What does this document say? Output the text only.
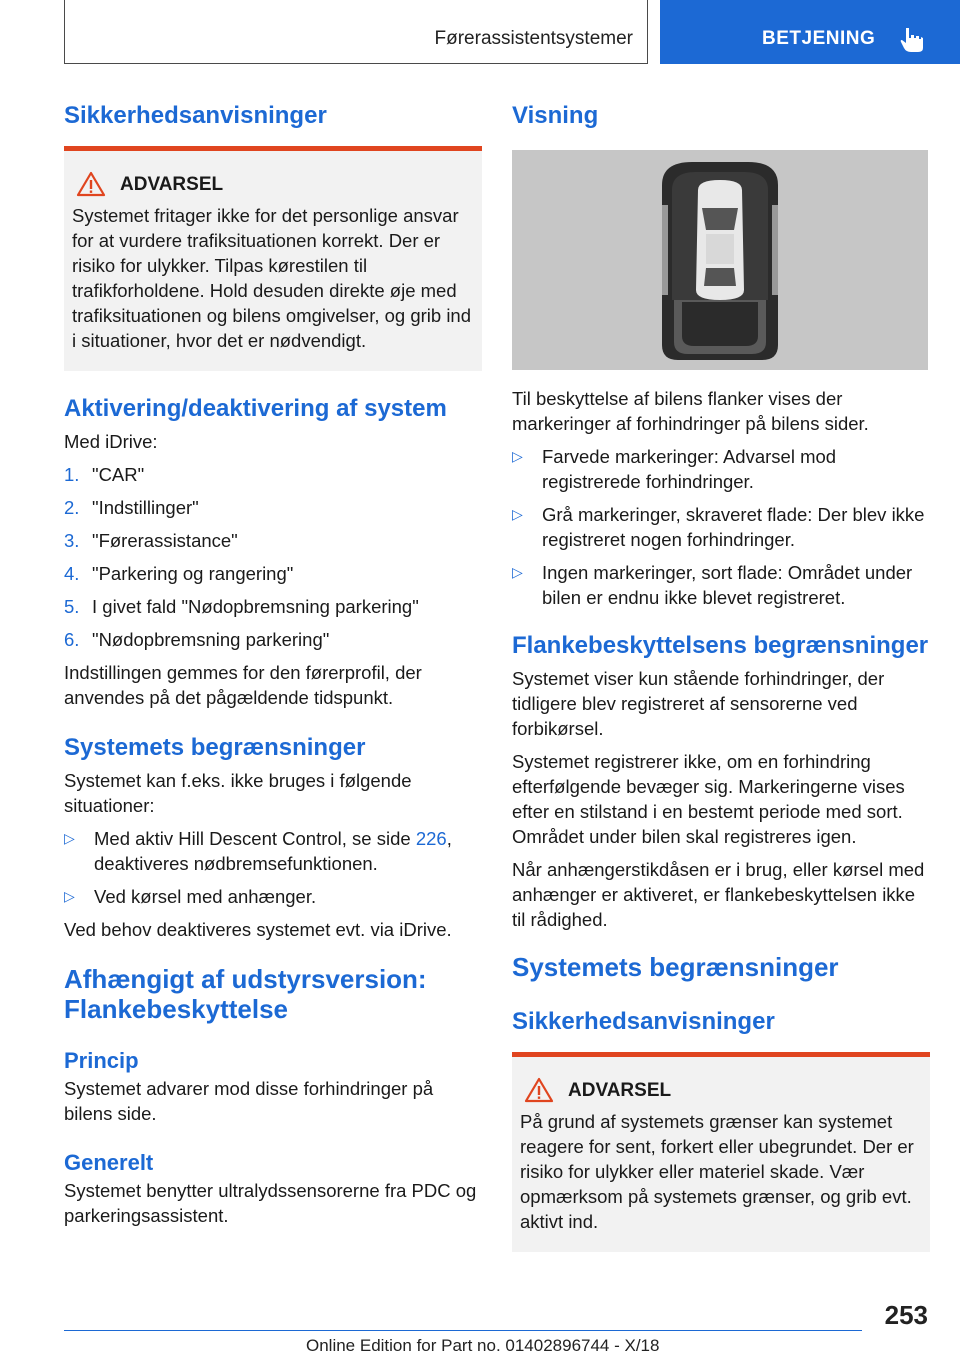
Førerassistentsystemer	BETJENING
Sikkerhedsanvisninger
ADVARSEL
Systemet fritager ikke for det personlige ansvar for at vurdere trafiksituationen korrekt. Der er risiko for ulykker. Tilpas kørestilen til trafikforholdene. Hold desuden direkte øje med trafiksituationen og bilens omgivelser, og grib ind i situationer, hvor det er nødvendigt.
Aktivering/deaktivering af system

Med iDrive:

1. "CAR"
2. "Indstillinger"
3. "Førerassistance"
4. "Parkering og rangering"
5. I givet fald "Nødopbremsning parkering"
6. "Nødopbremsning parkering"

Indstillingen gemmes for den førerprofil, der anvendes på det pågældende tidspunkt.

Systemets begrænsninger

Systemet kan f.eks. ikke bruges i følgende situationer:

▷	Med aktiv Hill Descent Control, se side 226, deaktiveres nødbremsefunktionen.
▷	Ved kørsel med anhænger.

Ved behov deaktiveres systemet evt. via iDrive.

Afhængigt af udstyrsversion:
Flankebeskyttelse
Princip

Systemet advarer mod disse forhindringer på bilens side.

Generelt

Systemet benytter ultralydssensorerne fra PDC og parkeringsassistent.

Visning

Til beskyttelse af bilens flanker vises der markeringer af forhindringer på bilens sider.

▷	Farvede markeringer: Advarsel mod registrerede forhindringer.
▷	Grå markeringer, skraveret flade: Der blev ikke registreret nogen forhindringer.
▷	Ingen markeringer, sort flade: Området under bilen er endnu ikke blevet registreret.
Flankebeskyttelsens begrænsninger

Systemet viser kun stående forhindringer, der tidligere blev registreret af sensorerne ved forbikørsel.

Systemet registrerer ikke, om en forhindring efterfølgende bevæger sig. Markeringerne vises efter en stilstand i en bestemt periode med sort. Området under bilen skal registreres igen.

Når anhængerstikdåsen er i brug, eller kørsel med anhænger er aktiveret, er flankebeskyttelsen ikke til rådighed.

Systemets begrænsninger
Sikkerhedsanvisninger
ADVARSEL
På grund af systemets grænser kan systemet reagere for sent, forkert eller ubegrundet. Der er risiko for ulykker eller materiel skade. Vær opmærksom på systemets grænser, og grib evt. aktivt ind.
253
Online Edition for Part no. 01402896744 - X/18
